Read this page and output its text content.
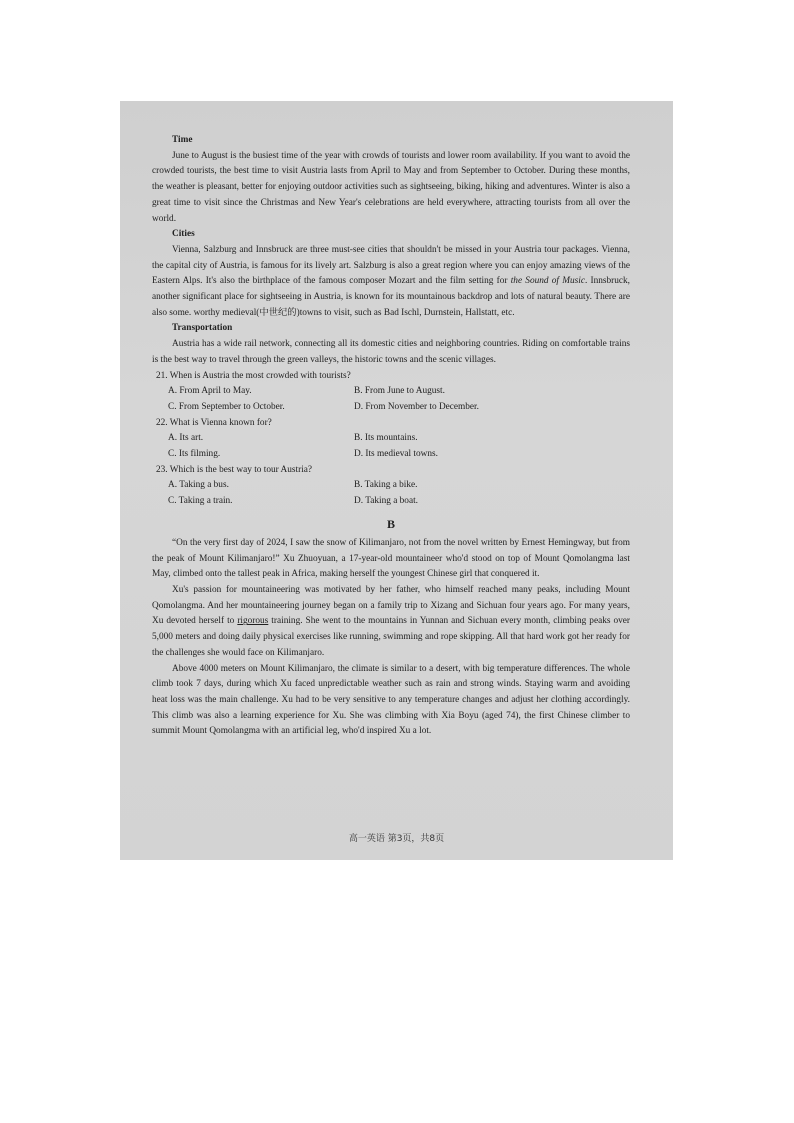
Time

June to August is the busiest time of the year with crowds of tourists and lower room availability. If you want to avoid the crowded tourists, the best time to visit Austria lasts from April to May and from September to October. During these months, the weather is pleasant, better for enjoying outdoor activities such as sightseeing, biking, hiking and adventures. Winter is also a great time to visit since the Christmas and New Year's celebrations are held everywhere, attracting tourists from all over the world.

Cities

Vienna, Salzburg and Innsbruck are three must-see cities that shouldn't be missed in your Austria tour packages. Vienna, the capital city of Austria, is famous for its lively art. Salzburg is also a great region where you can enjoy amazing views of the Eastern Alps. It's also the birthplace of the famous composer Mozart and the film setting for the Sound of Music. Innsbruck, another significant place for sightseeing in Austria, is known for its mountainous backdrop and lots of natural beauty. There are also some. worthy medieval(中世纪的)towns to visit, such as Bad Ischl, Durnstein, Hallstatt, etc.

Transportation

Austria has a wide rail network, connecting all its domestic cities and neighboring countries. Riding on comfortable trains is the best way to travel through the green valleys, the historic towns and the scenic villages.

21. When is Austria the most crowded with tourists?

A. From April to May.	B. From June to August.

C. From September to October.	D. From November to December.

22. What is Vienna known for?

A. Its art.	B. Its mountains.

C. Its filming.	D. Its medieval towns.

23. Which is the best way to tour Austria?

A. Taking a bus.	B. Taking a bike.

C. Taking a train.	D. Taking a boat.

B

“On the very first day of 2024, I saw the snow of Kilimanjaro, not from the novel written by Ernest Hemingway, but from the peak of Mount Kilimanjaro!” Xu Zhuoyuan, a 17-year-old mountaineer who'd stood on top of Mount Qomolangma last May, climbed onto the tallest peak in Africa, making herself the youngest Chinese girl that conquered it.

Xu's passion for mountaineering was motivated by her father, who himself reached many peaks, including Mount Qomolangma. And her mountaineering journey began on a family trip to Xizang and Sichuan four years ago. For many years, Xu devoted herself to rigorous training. She went to the mountains in Yunnan and Sichuan every month, climbing peaks over 5,000 meters and doing daily physical exercises like running, swimming and rope skipping. All that hard work got her ready for the challenges she would face on Kilimanjaro.

Above 4000 meters on Mount Kilimanjaro, the climate is similar to a desert, with big temperature differences. The whole climb took 7 days, during which Xu faced unpredictable weather such as rain and strong winds. Staying warm and avoiding heat loss was the main challenge. Xu had to be very sensitive to any temperature changes and adjust her clothing accordingly. This climb was also a learning experience for Xu. She was climbing with Xia Boyu (aged 74), the first Chinese climber to summit Mount Qomolangma with an artificial leg, who'd inspired Xu a lot.

高一英语 第3页，共8页
